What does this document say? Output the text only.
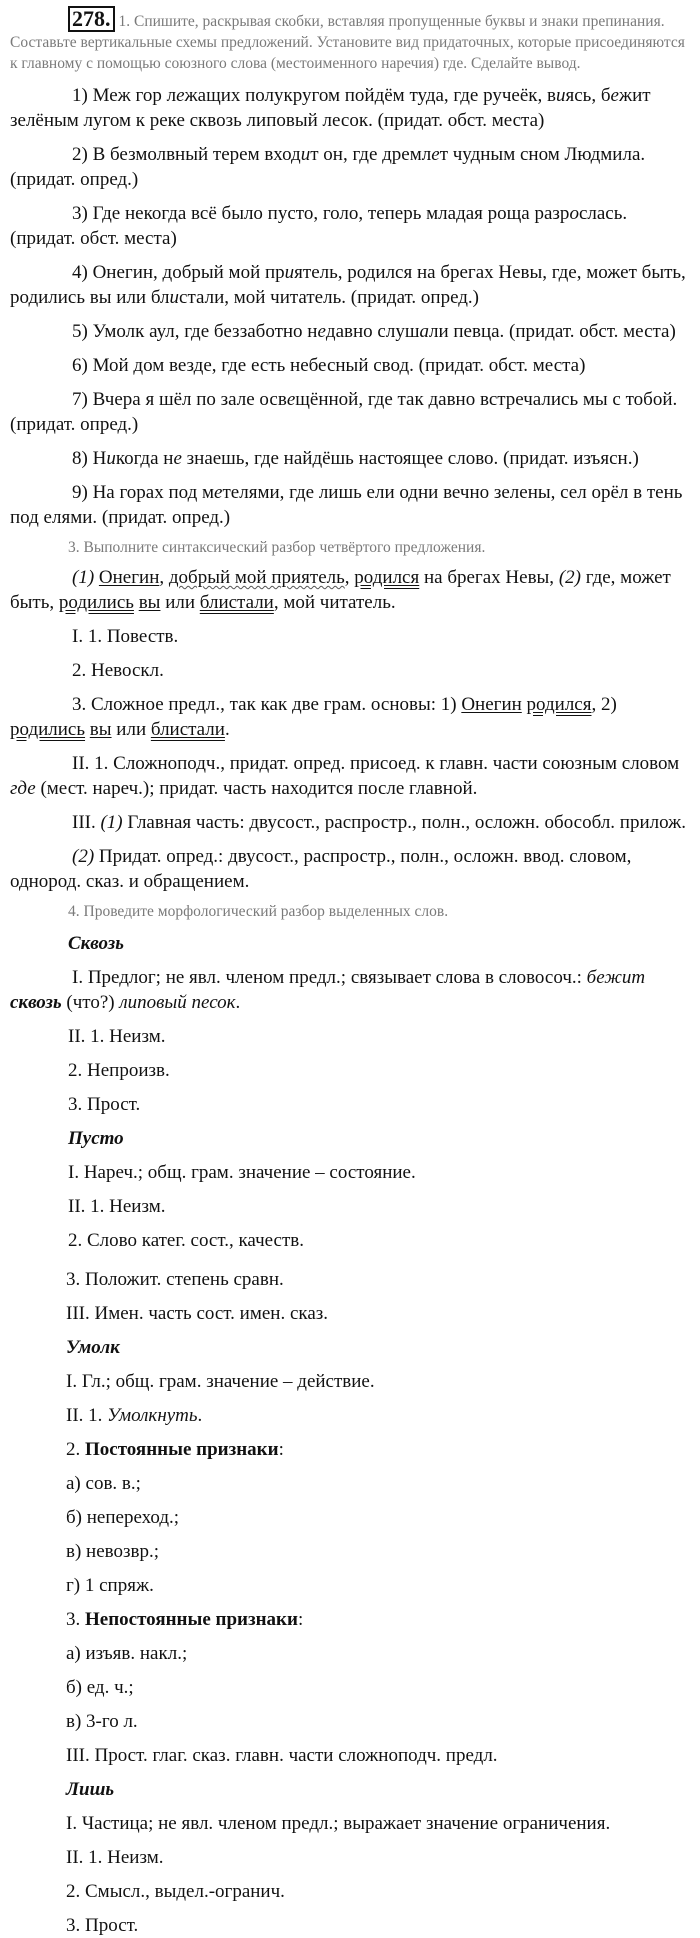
278. 1. Спишите, раскрывая скобки, вставляя пропущенные буквы и знаки препинания. Составьте вертикальные схемы предложений. Установите вид придаточных, которые присоединяются к главному с помощью союзного слова (местоименного наречия) где. Сделайте вывод.

1) Меж гор лежащих полукругом пойдём туда, где ручеёк, виясь, бежит зелёным лугом к реке сквозь липовый лесок. (придат. обст. места)

2) В безмолвный терем входит он, где дремлет чудным сном Людмила. (придат. опред.)

3) Где некогда всё было пусто, голо, теперь младая роща разрослась. (придат. обст. места)

4) Онегин, добрый мой приятель, родился на брегах Невы, где, может быть, родились вы или блистали, мой читатель. (придат. опред.)

5) Умолк аул, где беззаботно недавно слушали певца. (придат. обст. места)

6) Мой дом везде, где есть небесный свод. (придат. обст. места)

7) Вчера я шёл по зале освещённой, где так давно встречались мы с тобой. (придат. опред.)

8) Никогда не знаешь, где найдёшь настоящее слово. (придат. изъясн.)

9) На горах под метелями, где лишь ели одни вечно зелены, сел орёл в тень под елями. (придат. опред.)

3. Выполните синтаксический разбор четвёртого предложения.

(1) Онегин, добрый мой приятель, родился на брегах Невы, (2) где, может быть, родились вы или блистали, мой читатель.

I. 1. Повеств.

2. Невоскл.

3. Сложное предл., так как две грам. основы: 1) Онегин родился, 2) родились вы или блистали.

II. 1. Сложноподч., придат. опред. присоед. к главн. части союзным словом где (мест. нареч.); придат. часть находится после главной.

III. (1) Главная часть: двусост., распростр., полн., осложн. обособл. прилож.

(2) Придат. опред.: двусост., распростр., полн., осложн. ввод. словом, однород. сказ. и обращением.

4. Проведите морфологический разбор выделенных слов.

Сквозь

I. Предлог; не явл. членом предл.; связывает слова в словосоч.: бежит
сквозь (что?) липовый песок.

II. 1. Неизм.

2. Непроизв.

3. Прост.

Пусто

I. Нареч.; общ. грам. значение – состояние.

II. 1. Неизм.

2. Слово катег. сост., качеств.

3. Положит. степень сравн.

III. Имен. часть сост. имен. сказ.

Умолк

I. Гл.; общ. грам. значение – действие.

II. 1. Умолкнуть.

2. Постоянные признаки:

а) сов. в.;

б) непереход.;

в) невозвр.;

г) 1 спряж.

3. Непостоянные признаки:

а) изъяв. накл.;

б) ед. ч.;

в) 3-го л.

III. Прост. глаг. сказ. главн. части сложноподч. предл.

Лишь

I. Частица; не явл. членом предл.; выражает значение ограничения.

II. 1. Неизм.

2. Смысл., выдел.-огранич.

3. Прост.
